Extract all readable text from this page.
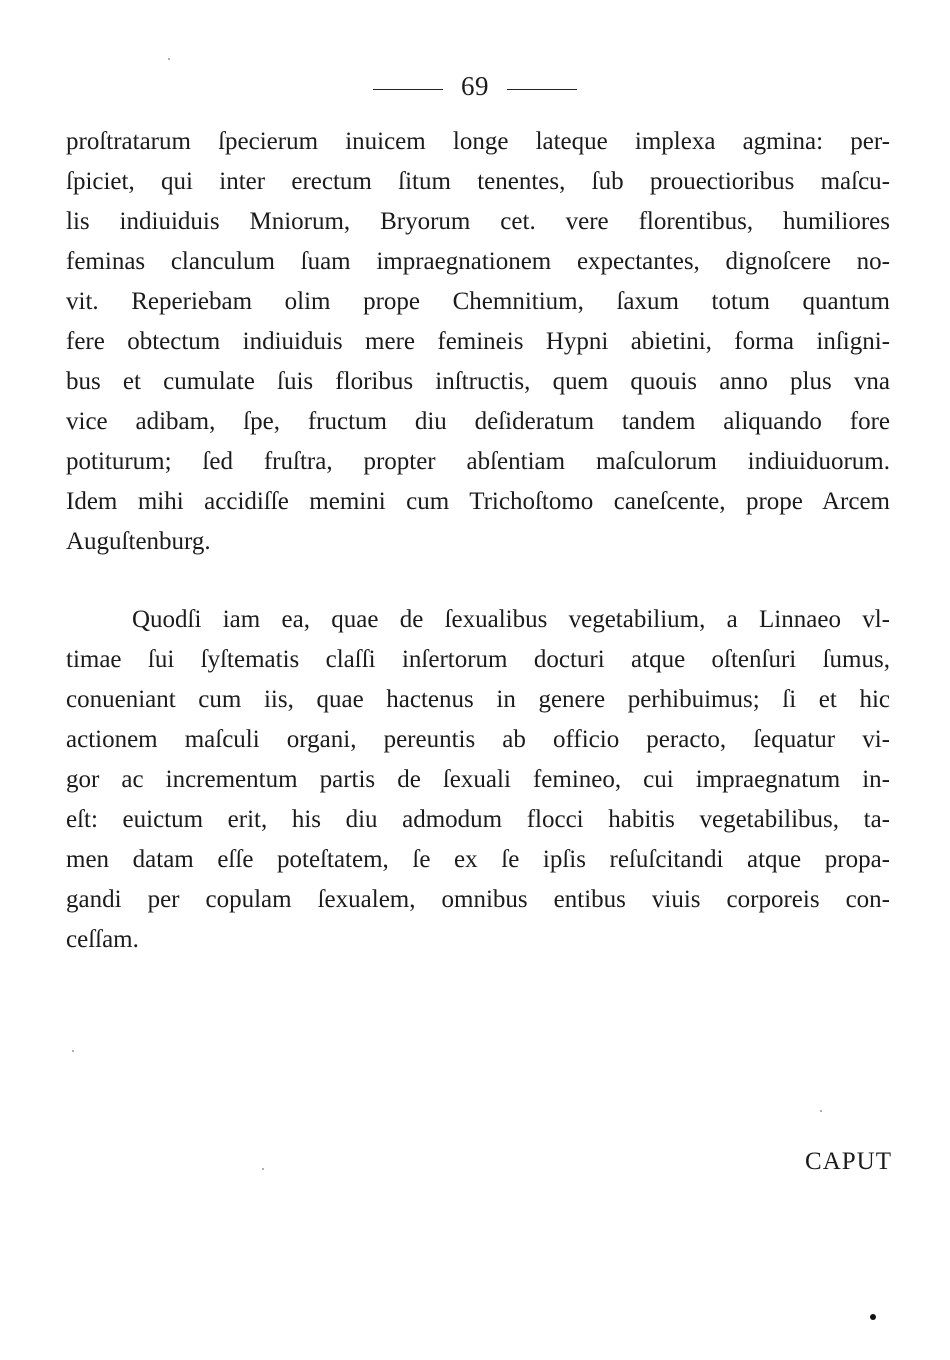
69
proſtratarum ſpecierum inuicem longe lateque implexa agmina: per-
ſpiciet, qui inter erectum ſitum tenentes, ſub prouectioribus maſcu-
lis indiuiduis Mniorum, Bryorum cet. vere florentibus, humiliores
feminas clanculum ſuam impraegnationem expectantes, dignoſcere no-
vit. Reperiebam olim prope Chemnitium, ſaxum totum quantum
fere obtectum indiuiduis mere femineis Hypni abietini, forma inſigni-
bus et cumulate ſuis floribus inſtructis, quem quouis anno plus vna
vice adibam, ſpe, fructum diu deſideratum tandem aliquando fore
potiturum; ſed fruſtra, propter abſentiam maſculorum indiuiduorum.
Idem mihi accidiſſe memini cum Trichoſtomo caneſcente, prope Arcem
Auguſtenburg.
Quodſi iam ea, quae de ſexualibus vegetabilium, a Linnaeo vl-
timae ſui ſyſtematis claſſi inſertorum docturi atque oſtenſuri ſumus,
conueniant cum iis, quae hactenus in genere perhibuimus; ſi et hic
actionem maſculi organi, pereuntis ab officio peracto, ſequatur vi-
gor ac incrementum partis de ſexuali femineo, cui impraegnatum in-
eſt: euictum erit, his diu admodum flocci habitis vegetabilibus, ta-
men datam eſſe poteſtatem, ſe ex ſe ipſis reſuſcitandi atque propa-
gandi per copulam ſexualem, omnibus entibus viuis corporeis con-
ceſſam.
CAPUT
